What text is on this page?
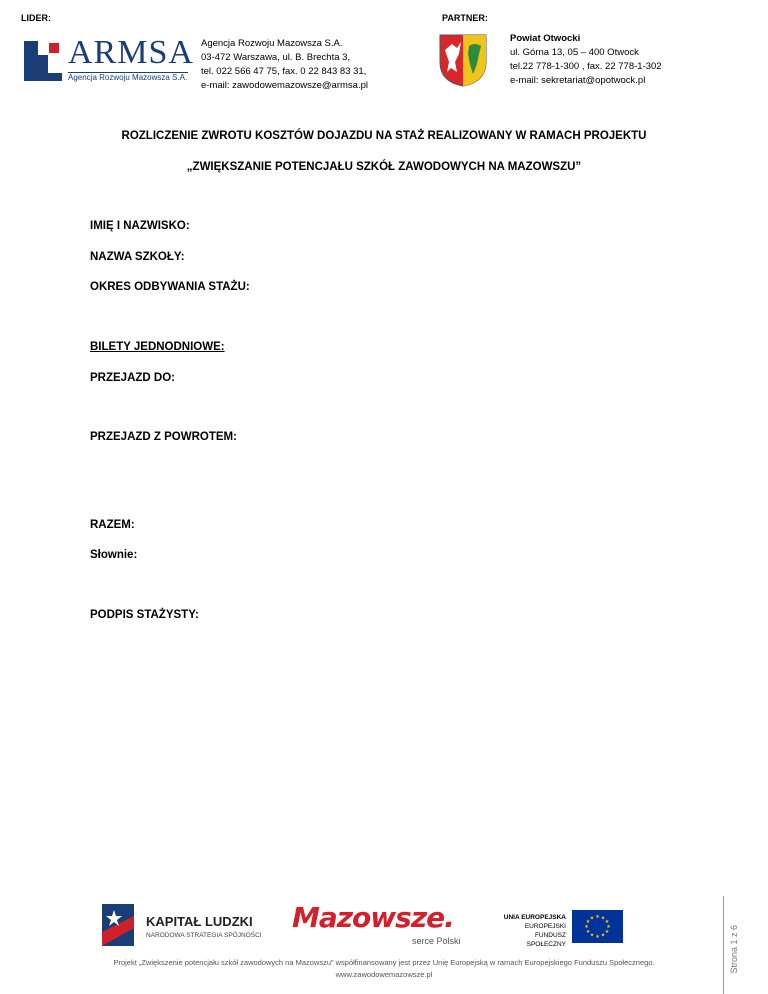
LIDER:	PARTNER:
ARMSA
Agencja Rozwoju Mazowsza S.A.
Agencja Rozwoju Mazowsza S.A.
03-472 Warszawa, ul. B. Brechta 3,
tel. 022 566 47 75, fax. 0 22 843 83 31,
e-mail: zawodowemazowsze@armsa.pl
Powiat Otwocki
ul. Górna 13, 05 – 400 Otwock
tel.22 778-1-300 , fax. 22 778-1-302
e-mail: sekretariat@opotwock.pl
ROZLICZENIE ZWROTU KOSZTÓW DOJAZDU NA STAŻ REALIZOWANY W RAMACH PROJEKTU
„ZWIĘKSZANIE POTENCJAŁU SZKÓŁ ZAWODOWYCH NA MAZOWSZU”
IMIĘ I NAZWISKO:
NAZWA SZKOŁY:
OKRES ODBYWANIA STAŻU:
BILETY JEDNODNIOWE:
PRZEJAZD DO:
PRZEJAZD Z POWROTEM:
RAZEM:
Słownie:
PODPIS STAŻYSTY:
KAPITAŁ LUDZKI
NARODOWA STRATEGIA SPÓJNOŚCI
Mazowsze.
serce Polski
UNIA EUROPEJSKA
EUROPEJSKI
FUNDUSZ SPOŁECZNY
★ ★
★
★
★
★
★
★
★
★
★
★
Projekt „Zwiększenie potencjału szkół zawodowych na Mazowszu” współfinansowany jest przez Unię Europejską w ramach Europejskiego Funduszu Społecznego.
www.zawodowemazowsze.pl
Strona 1 z 6
